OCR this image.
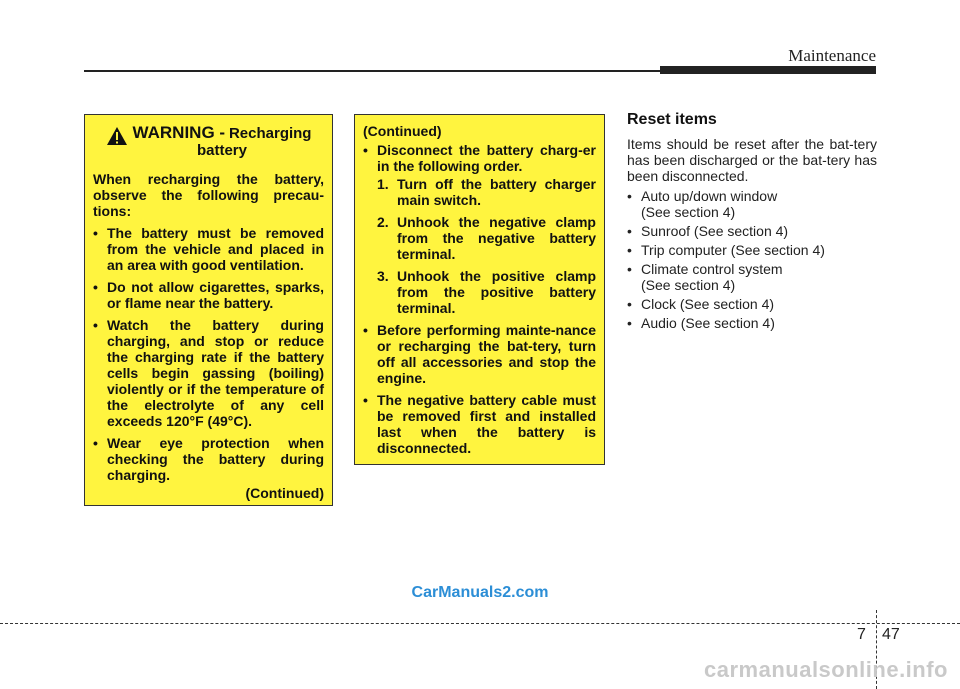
Maintenance
WARNING - Recharging
battery

When recharging the battery, observe the following precau-tions:

• The battery must be removed from the vehicle and placed in an area with good ventilation.
• Do not allow cigarettes, sparks, or flame near the battery.
• Watch the battery during charging, and stop or reduce the charging rate if the battery cells begin gassing (boiling) violently or if the temperature of the electrolyte of any cell exceeds 120°F (49°C).
• Wear eye protection when checking the battery during charging.
(Continued)
(Continued)
• Disconnect the battery charg-er in the following order.
1. Turn off the battery charger main switch.
2. Unhook the negative clamp from the negative battery terminal.
3. Unhook the positive clamp from the positive battery terminal.
• Before performing mainte-nance or recharging the bat-tery, turn off all accessories and stop the engine.
• The negative battery cable must be removed first and installed last when the battery is disconnected.
Reset items

Items should be reset after the bat-tery has been discharged or the bat-tery has been disconnected.

• Auto up/down window
(See section 4)
• Sunroof (See section 4)
• Trip computer (See section 4)
• Climate control system
(See section 4)
• Clock (See section 4)
• Audio (See section 4)
CarManuals2.com
7 47
carmanualsonline.info
